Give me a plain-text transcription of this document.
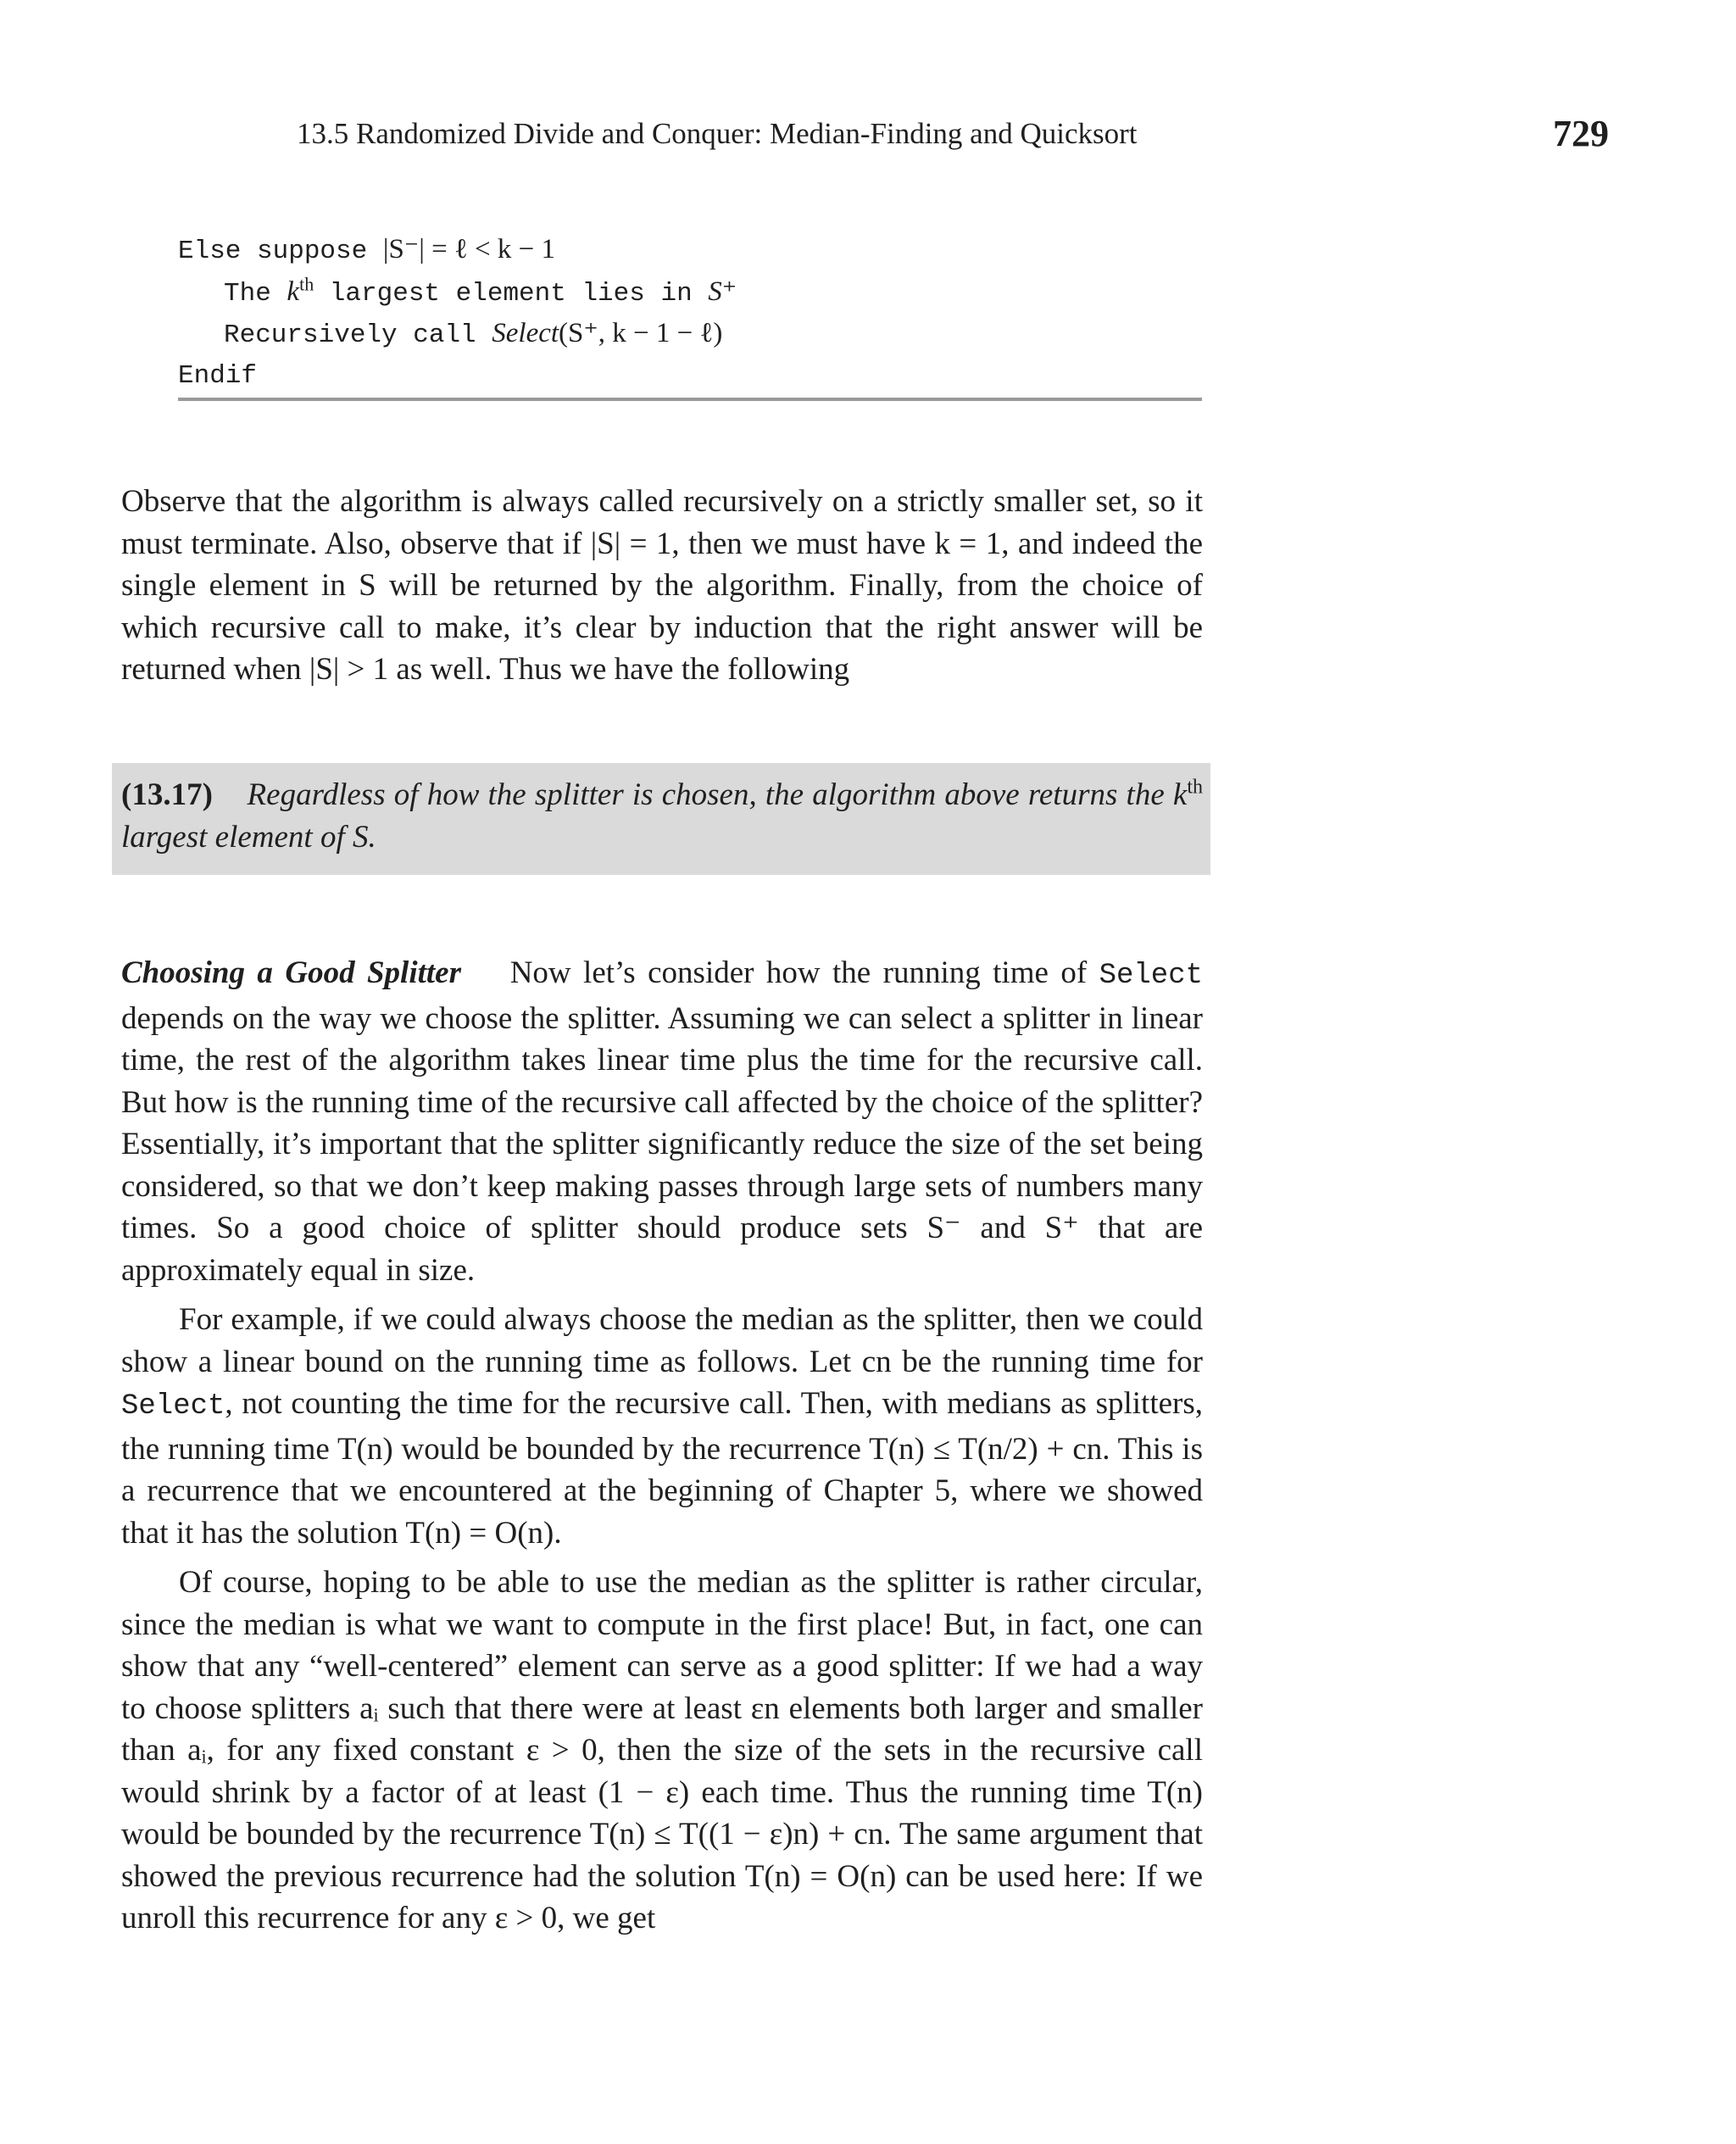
13.5 Randomized Divide and Conquer: Median-Finding and Quicksort	729
Else suppose |S⁻| = ℓ < k − 1
The $k^{th}$ largest element lies in S⁺
Recursively call Select(S⁺, k − 1 − ℓ)
Endif
Observe that the algorithm is always called recursively on a strictly smaller set, so it must terminate. Also, observe that if |S| = 1, then we must have k = 1, and indeed the single element in S will be returned by the algorithm. Finally, from the choice of which recursive call to make, it’s clear by induction that the right answer will be returned when |S| > 1 as well. Thus we have the following
(13.17) Regardless of how the splitter is chosen, the algorithm above returns the $k^{th}$ largest element of S.
Choosing a Good Splitter Now let’s consider how the running time of Select depends on the way we choose the splitter. Assuming we can select a splitter in linear time, the rest of the algorithm takes linear time plus the time for the recursive call. But how is the running time of the recursive call affected by the choice of the splitter? Essentially, it’s important that the splitter significantly reduce the size of the set being considered, so that we don’t keep making passes through large sets of numbers many times. So a good choice of splitter should produce sets S⁻ and S⁺ that are approximately equal in size.
For example, if we could always choose the median as the splitter, then we could show a linear bound on the running time as follows. Let cn be the running time for Select, not counting the time for the recursive call. Then, with medians as splitters, the running time T(n) would be bounded by the recurrence T(n) ≤ T(n/2) + cn. This is a recurrence that we encountered at the beginning of Chapter 5, where we showed that it has the solution T(n) = O(n).
Of course, hoping to be able to use the median as the splitter is rather circular, since the median is what we want to compute in the first place! But, in fact, one can show that any “well-centered” element can serve as a good splitter: If we had a way to choose splitters aᵢ such that there were at least εn elements both larger and smaller than aᵢ, for any fixed constant ε > 0, then the size of the sets in the recursive call would shrink by a factor of at least (1 − ε) each time. Thus the running time T(n) would be bounded by the recurrence T(n) ≤ T((1 − ε)n) + cn. The same argument that showed the previous recurrence had the solution T(n) = O(n) can be used here: If we unroll this recurrence for any ε > 0, we get
